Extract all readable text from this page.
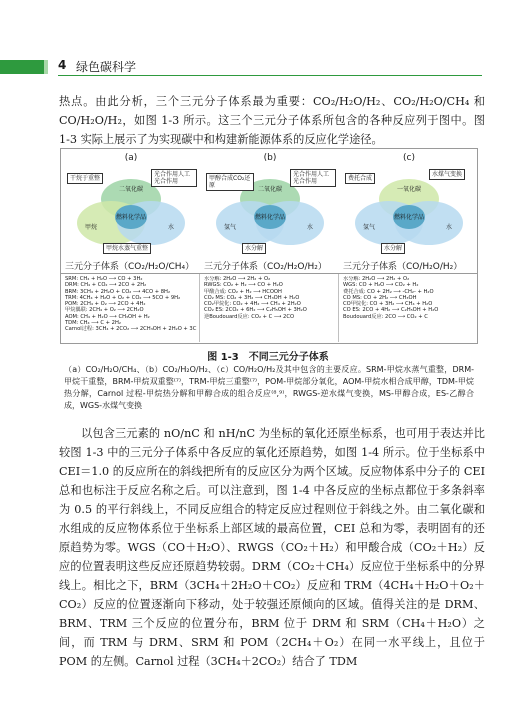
4 绿色碳科学
热点。由此分析，三个三元分子体系最为重要：CO₂/H₂O/H₂、CO₂/H₂O/CH₄ 和 CO/H₂O/H₂，如图 1-3 所示。这三个三元分子体系所包含的各种反应列于图中。图 1-3 实际上展示了为实现碳中和构建新能源体系的反应化学途径。
(a)
二氧化碳
甲烷	水
燃料化学品
干烷于重整
光合作用人工光合作用
甲烷水蒸气重整
三元分子体系（CO₂/H₂O/CH₄）
(b)
二氧化碳
氢气	水
燃料化学品
甲醇合成CO₂还原
光合作用人工光合作用
水分解
三元分子体系（CO₂/H₂O/H₂）
(c)
一氧化碳
氢气	水
燃料化学品
费托合成
水煤气变换
水分解
三元分子体系（CO/H₂O/H₂）
SRM: CH₄ + H₂O ⟶ CO + 3H₂
DRM: CH₄ + CO₂ ⟶ 2CO + 2H₂
BRM: 3CH₄ + 2H₂O + CO₂ ⟶ 4CO + 8H₂
TRM: 4CH₄ + H₂O + O₂ + CO₂ ⟶ 5CO + 9H₂
POM: 2CH₄ + O₂ ⟶ 2CO + 4H₂
甲烷偶联: 2CH₄ + O₂ ⟶ 2CH₂O
AOM: CH₄ + H₂O ⟶ CH₃OH + H₂
TDM: CH₄ ⟶ C + 2H₂
Carnol过程: 3CH₄ + 2CO₂ ⟶ 2CH₃OH + 2H₂O + 3C
水分解: 2H₂O ⟶ 2H₂ + O₂
RWGS: CO₂ + H₂ ⟶ CO + H₂O
甲酸合成: CO₂ + H₂ ⟶ HCOOH
CO₂ MS: CO₂ + 3H₂ ⟶ CH₃OH + H₂O
CO₂甲烷化: CO₂ + 4H₂ ⟶ CH₄ + 2H₂O
CO₂ ES: 2CO₂ + 6H₂ ⟶ C₂H₅OH + 3H₂O
逆Boudouard反应: CO₂ + C ⟶ 2CO
水分解: 2H₂O ⟶ 2H₂ + O₂
WGS: CO + H₂O ⟶ CO₂ + H₂
费托合成: CO + 2H₂ ⟶ -CH₂- + H₂O
CO MS: CO + 2H₂ ⟶ CH₃OH
CO甲烷化: CO + 3H₂ ⟶ CH₄ + H₂O
CO ES: 2CO + 4H₂ ⟶ C₂H₅OH + H₂O
Boudouard反应: 2CO ⟶ CO₂ + C
图 1-3　不同三元分子体系
（a）CO₂/H₂O/CH₄、（b）CO₂/H₂O/H₂、（c）CO/H₂O/H₂及其中包含的主要反应。SRM-甲烷水蒸气重整，DRM-甲烷干重整，BRM-甲烷双重整⁽⁷⁾，TRM-甲烷三重整⁽⁷⁾，POM-甲烷部分氧化，AOM-甲烷水相合成甲醇，TDM-甲烷热分解，Carnol 过程-甲烷热分解和甲醇合成的组合反应⁽⁸,⁹⁾，RWGS-逆水煤气变换，MS-甲醇合成，ES-乙醇合成，WGS-水煤气变换
以包含三元素的 nO/nC 和 nH/nC 为坐标的氧化还原坐标系，也可用于表达并比较图 1-3 中的三元分子体系中各反应的氧化还原趋势，如图 1-4 所示。位于坐标系中 CEI＝1.0 的反应所在的斜线把所有的反应区分为两个区域。反应物体系中分子的 CEI 总和也标注于反应名称之后。可以注意到，图 1-4 中各反应的坐标点都位于多条斜率为 0.5 的平行斜线上，不同反应组合的特定反应过程则位于斜线之外。由二氧化碳和水组成的反应物体系位于坐标系上部区域的最高位置，CEI 总和为零，表明固有的还原趋势为零。WGS（CO＋H₂O）、RWGS（CO₂＋H₂）和甲酸合成（CO₂＋H₂）反应的位置表明这些反应还原趋势较弱。DRM（CO₂＋CH₄）反应位于坐标系中的分界线上。相比之下，BRM（3CH₄＋2H₂O＋CO₂）反应和 TRM（4CH₄＋H₂O＋O₂＋CO₂）反应的位置逐渐向下移动，处于较强还原倾向的区域。值得关注的是 DRM、BRM、TRM 三个反应的位置分布，BRM 位于 DRM 和 SRM（CH₄＋H₂O）之间，而 TRM 与 DRM、SRM 和 POM（2CH₄＋O₂）在同一水平线上，且位于 POM 的左侧。Carnol 过程（3CH₄＋2CO₂）结合了 TDM
